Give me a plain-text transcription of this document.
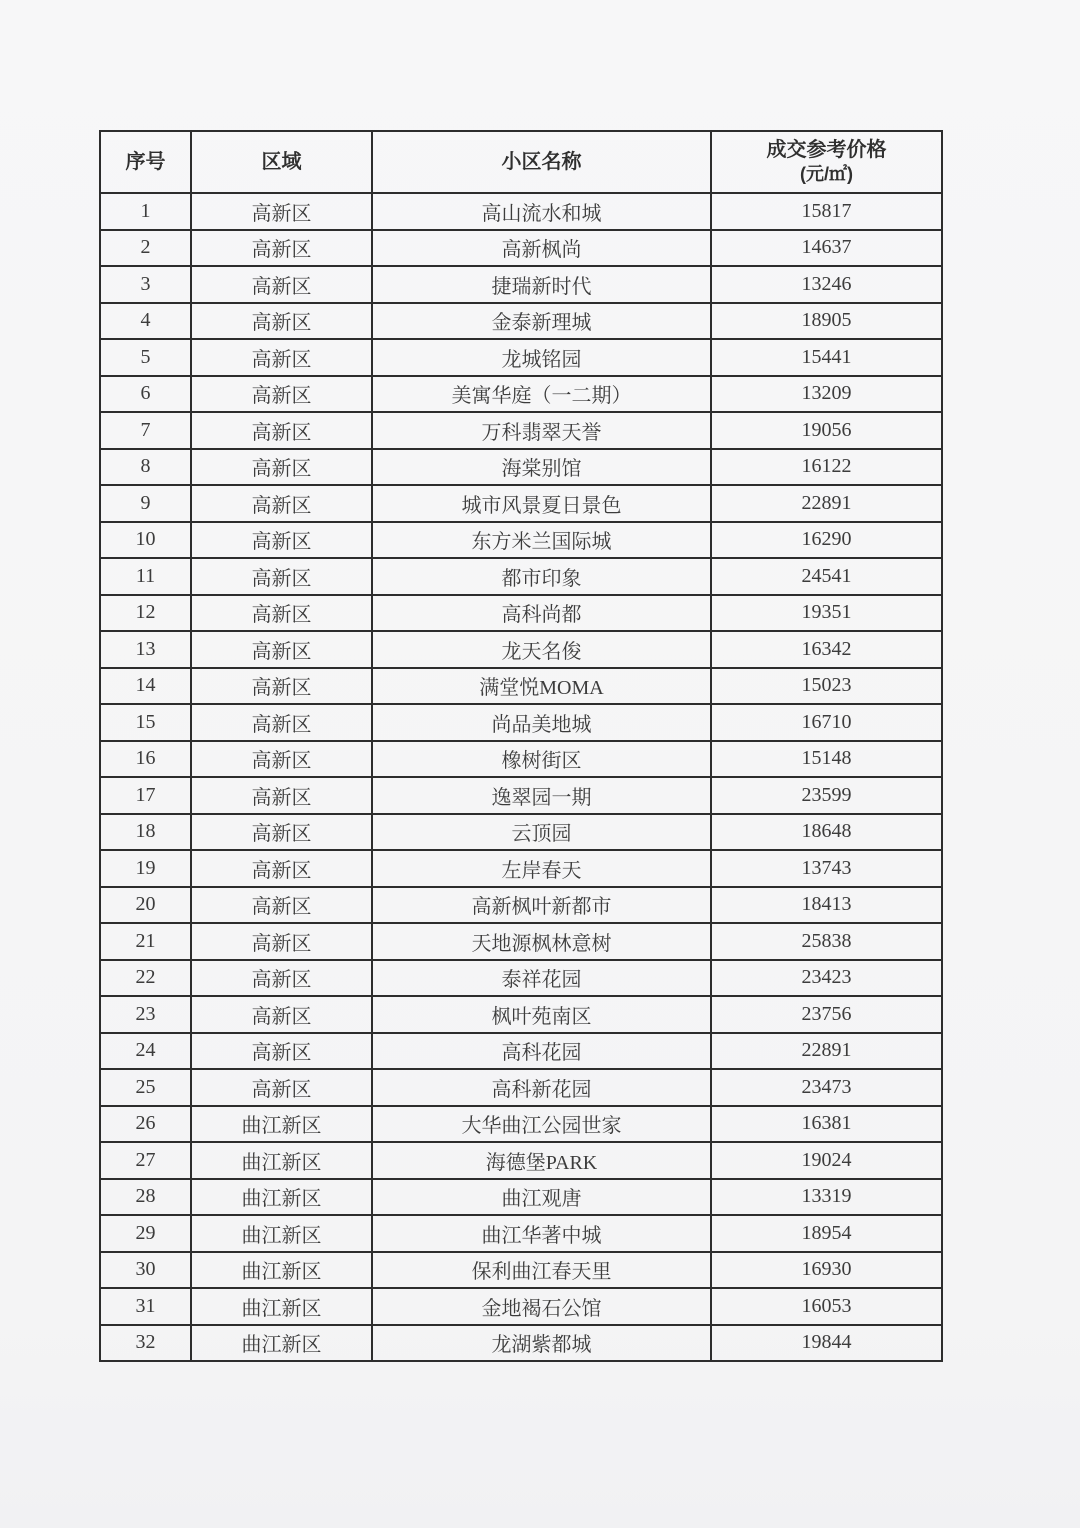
序号	区域	小区名称	成交参考价格
(元/㎡)

1	高新区	高山流水和城	15817
2	高新区	高新枫尚	14637
3	高新区	捷瑞新时代	13246
4	高新区	金泰新理城	18905
5	高新区	龙城铭园	15441
6	高新区	美寓华庭（一二期）	13209
7	高新区	万科翡翠天誉	19056
8	高新区	海棠别馆	16122
9	高新区	城市风景夏日景色	22891
10	高新区	东方米兰国际城	16290
11	高新区	都市印象	24541
12	高新区	高科尚都	19351
13	高新区	龙天名俊	16342
14	高新区	满堂悦MOMA	15023
15	高新区	尚品美地城	16710
16	高新区	橡树街区	15148
17	高新区	逸翠园一期	23599
18	高新区	云顶园	18648
19	高新区	左岸春天	13743
20	高新区	高新枫叶新都市	18413
21	高新区	天地源枫林意树	25838
22	高新区	泰祥花园	23423
23	高新区	枫叶苑南区	23756
24	高新区	高科花园	22891
25	高新区	高科新花园	23473
26	曲江新区	大华曲江公园世家	16381
27	曲江新区	海德堡PARK	19024
28	曲江新区	曲江观唐	13319
29	曲江新区	曲江华著中城	18954
30	曲江新区	保利曲江春天里	16930
31	曲江新区	金地褐石公馆	16053
32	曲江新区	龙湖紫都城	19844
